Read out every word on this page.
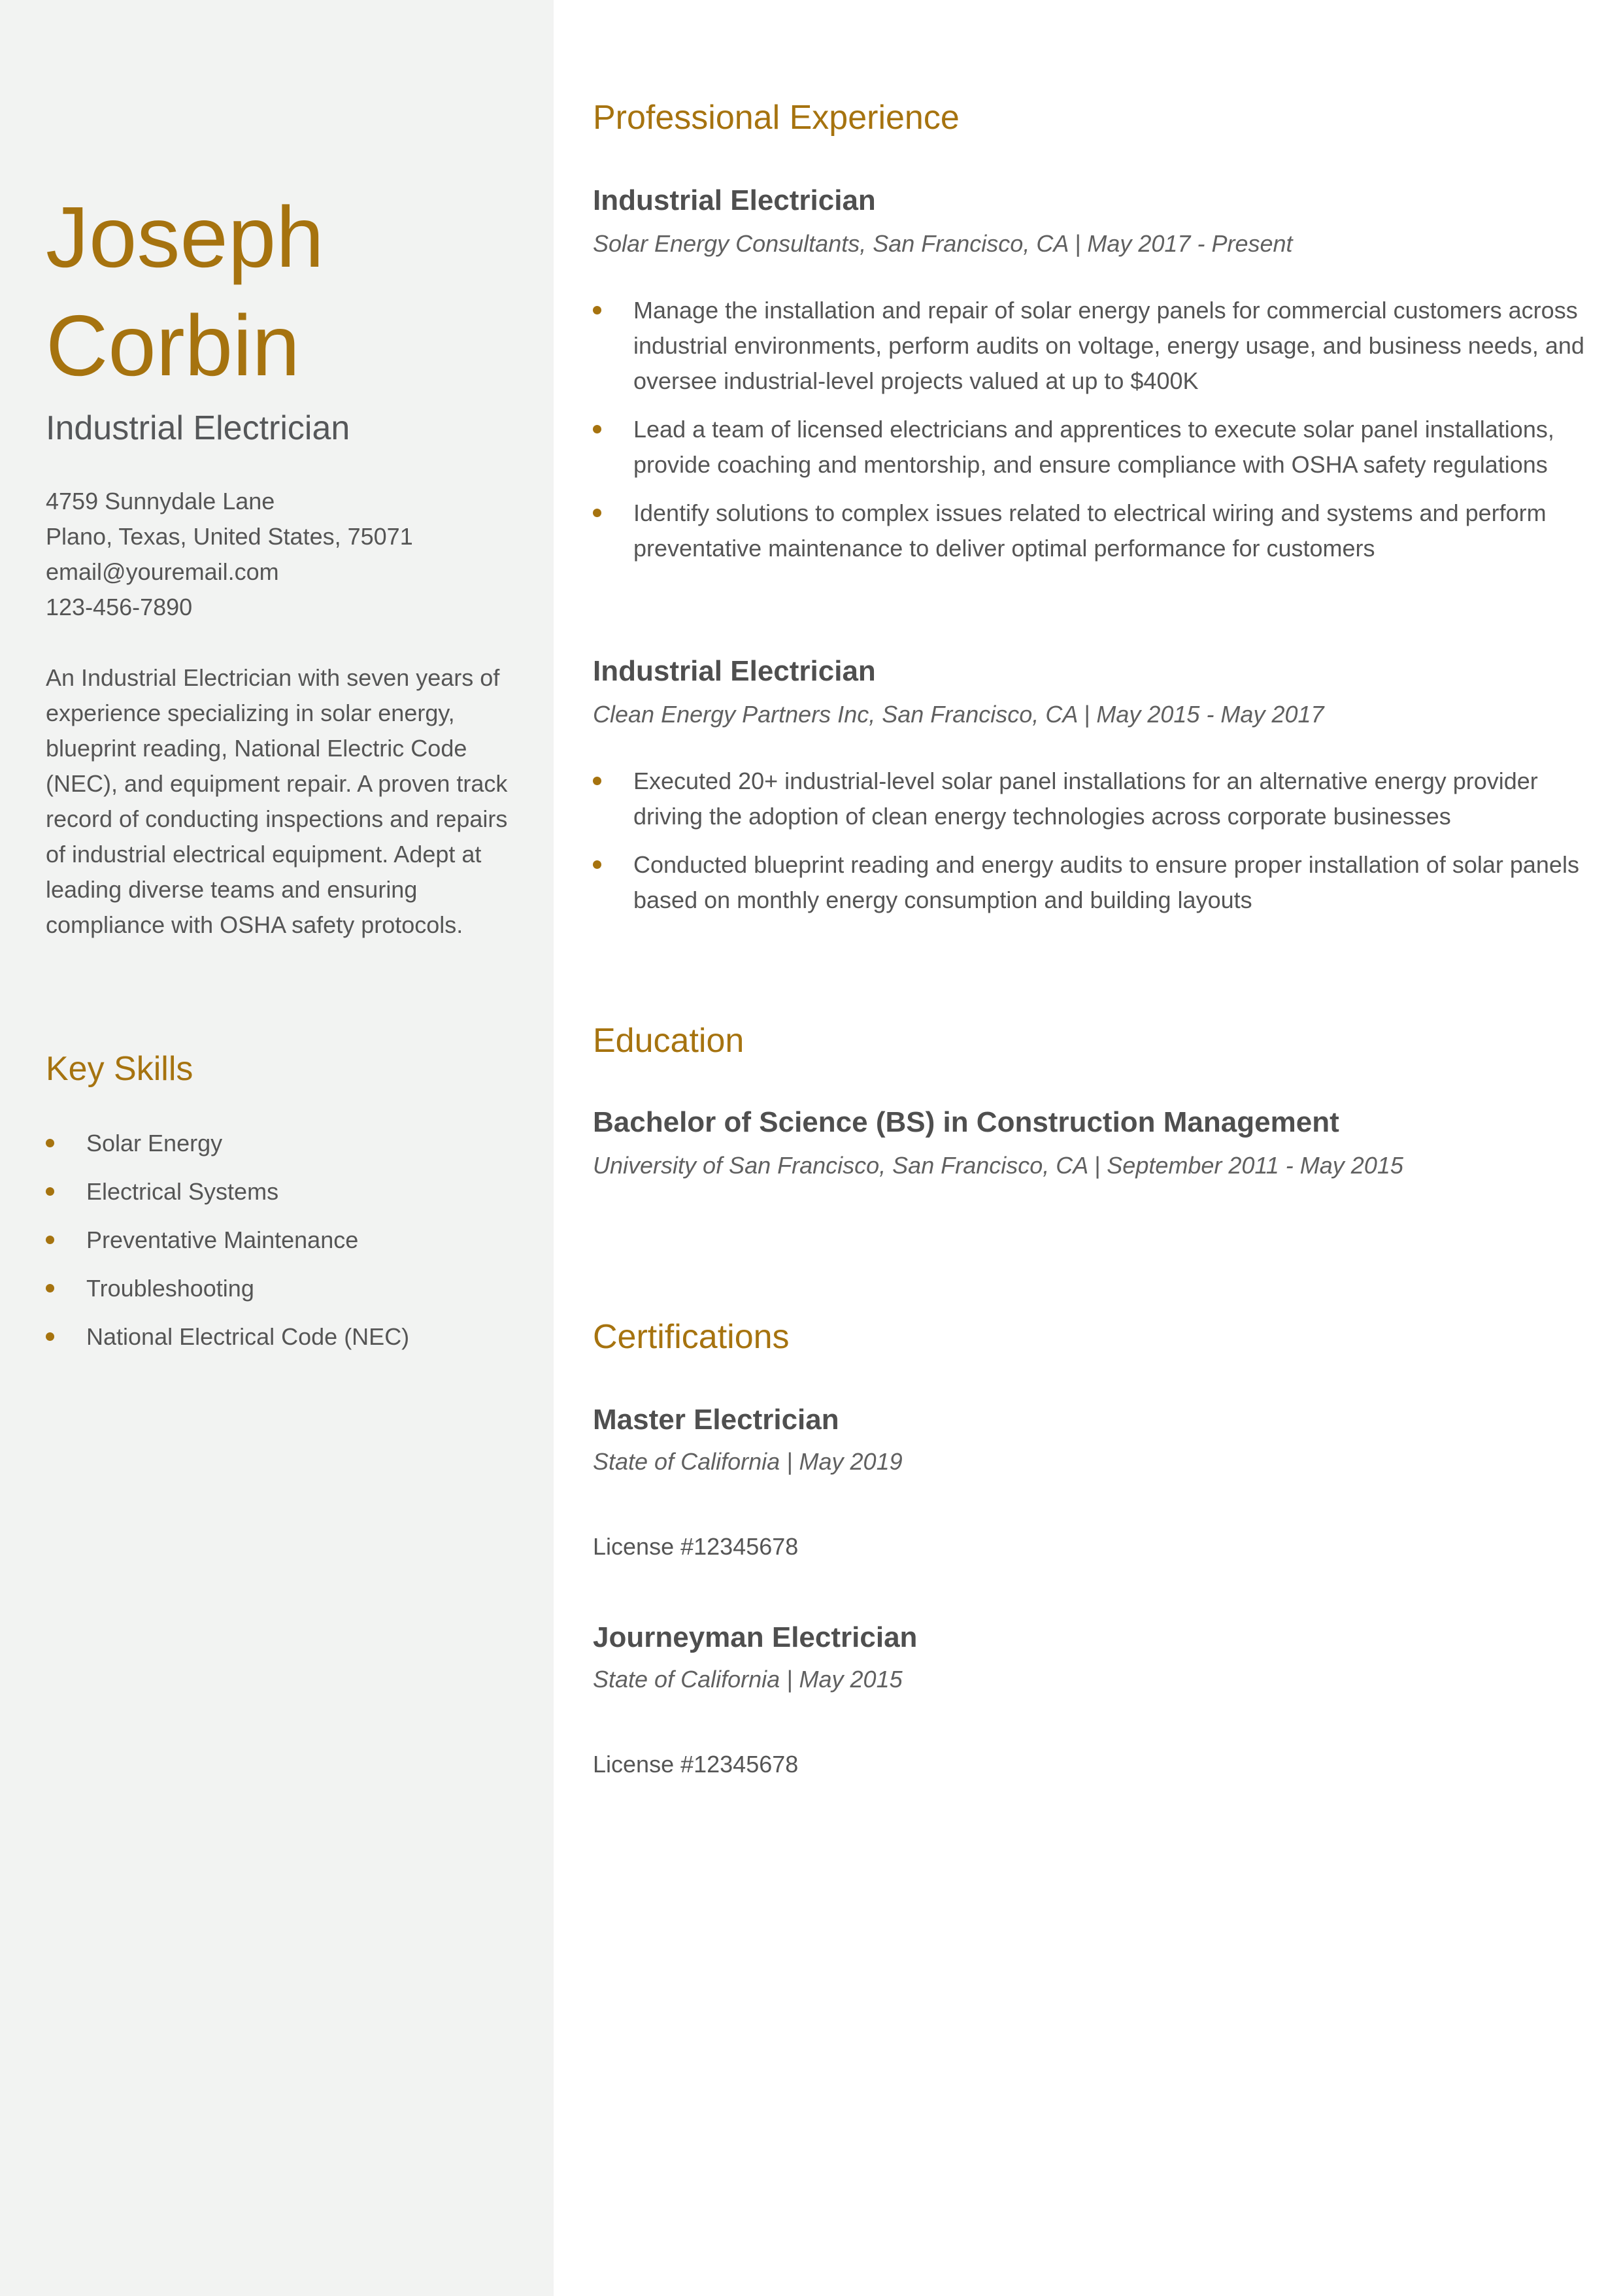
Joseph
Corbin
Industrial Electrician
4759 Sunnydale Lane
Plano, Texas, United States, 75071
email@youremail.com
123-456-7890

An Industrial Electrician with seven years of experience specializing in solar energy, blueprint reading, National Electric Code (NEC), and equipment repair. A proven track record of conducting inspections and repairs of industrial electrical equipment. Adept at leading diverse teams and ensuring compliance with OSHA safety protocols.

Key Skills
Solar Energy
Electrical Systems
Preventative Maintenance
Troubleshooting
National Electrical Code (NEC)
Professional Experience
Industrial Electrician

Solar Energy Consultants, San Francisco, CA | May 2017 - Present

Manage the installation and repair of solar energy panels for commercial customers across industrial environments, perform audits on voltage, energy usage, and business needs, and oversee industrial-level projects valued at up to $400K
Lead a team of licensed electricians and apprentices to execute solar panel installations, provide coaching and mentorship, and ensure compliance with OSHA safety regulations
Identify solutions to complex issues related to electrical wiring and systems and perform preventative maintenance to deliver optimal performance for customers
Industrial Electrician

Clean Energy Partners Inc, San Francisco, CA | May 2015 - May 2017

Executed 20+ industrial-level solar panel installations for an alternative energy provider driving the adoption of clean energy technologies across corporate businesses
Conducted blueprint reading and energy audits to ensure proper installation of solar panels based on monthly energy consumption and building layouts
Education
Bachelor of Science (BS) in Construction Management

University of San Francisco, San Francisco, CA | September 2011 - May 2015

Certifications
Master Electrician

State of California | May 2019

License #12345678

Journeyman Electrician

State of California | May 2015

License #12345678
